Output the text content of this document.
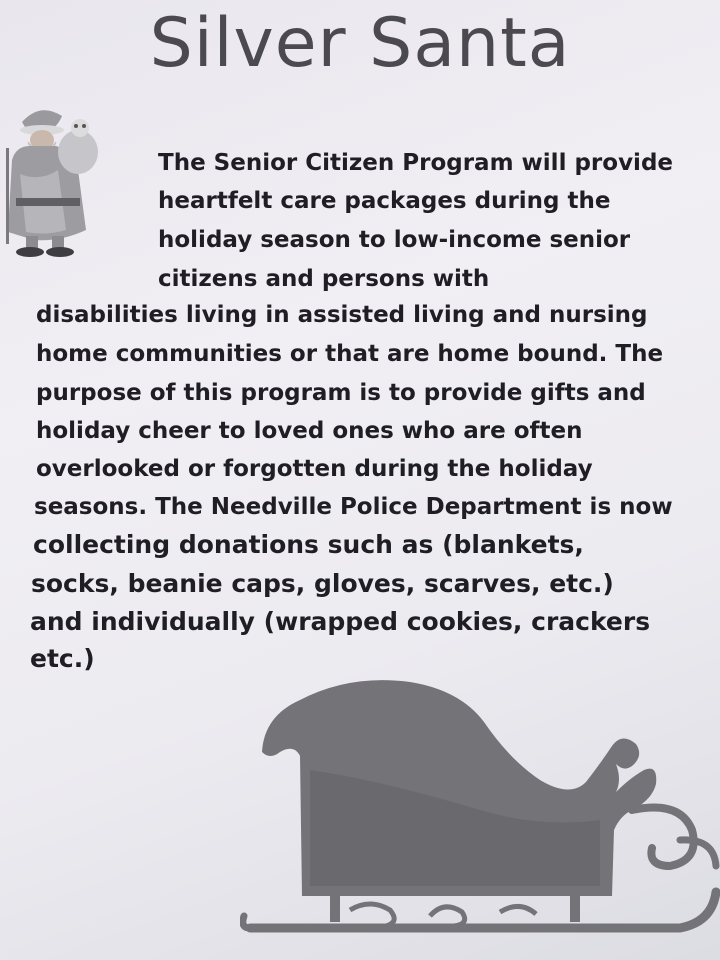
Silver Santa
The Senior Citizen Program will provide
heartfelt care packages during the
holiday season to low-income senior
citizens and persons with
disabilities living in assisted living and nursing
home communities or that are home bound. The
purpose of this program is to provide gifts and
holiday cheer to loved ones who are often
overlooked or forgotten during the holiday
seasons. The Needville Police Department is now
collecting donations such as (blankets,
socks, beanie caps, gloves, scarves, etc.)
and individually (wrapped cookies, crackers
etc.)
